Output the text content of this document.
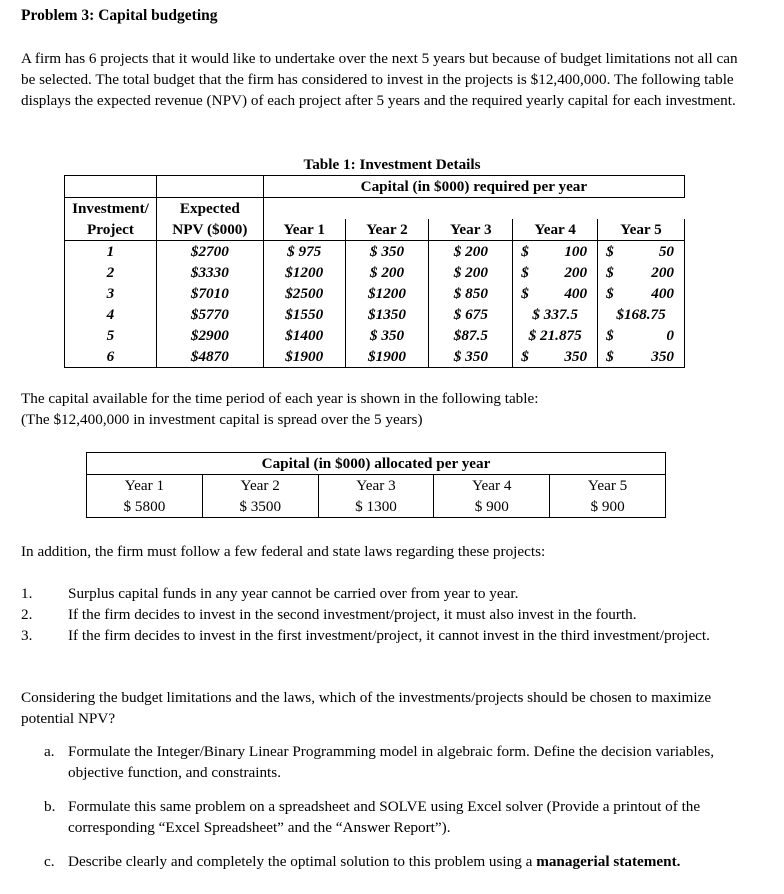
Problem 3: Capital budgeting

A firm has 6 projects that it would like to undertake over the next 5 years but because of budget limitations not all can be selected. The total budget that the firm has considered to invest in the projects is $12,400,000. The following table displays the expected revenue (NPV) of each project after 5 years and the required yearly capital for each investment.

Table 1: Investment Details
		Capital (in $000) required per year				
Investment/	Expected					
Project	NPV ($000)	Year 1	Year 2	Year 3	Year 4	Year 5
1	$2700	$ 975	$ 350	$ 200	$ 100	$ 50

2	$3330	$1200	$ 200	$ 200	$ 200	$ 200

3	$7010	$2500	$1200	$ 850	$ 400	$ 400

4	$5770	$1550	$1350	$ 675	$ 337.5	$168.75
5	$2900	$1400	$ 350	$87.5	$ 21.875	$ 0

6	$4870	$1900	$1900	$ 350	$ 350	$ 350

The capital available for the time period of each year is shown in the following table:

(The $12,400,000 in investment capital is spread over the 5 years)

Capital (in $000) allocated per year				
Year 1	Year 2	Year 3	Year 4	Year 5
$ 5800	$ 3500	$ 1300	$ 900	$ 900
In addition, the firm must follow a few federal and state laws regarding these projects:
1. Surplus capital funds in any year cannot be carried over from year to year.
2. If the firm decides to invest in the second investment/project, it must also invest in the fourth.
3. If the firm decides to invest in the first investment/project, it cannot invest in the third investment/project.
Considering the budget limitations and the laws, which of the investments/projects should be chosen to maximize potential NPV?
a. Formulate the Integer/Binary Linear Programming model in algebraic form. Define the decision variables, objective function, and constraints.
b. Formulate this same problem on a spreadsheet and SOLVE using Excel solver (Provide a printout of the corresponding “Excel Spreadsheet” and the “Answer Report”).
c. Describe clearly and completely the optimal solution to this problem using a managerial statement.
